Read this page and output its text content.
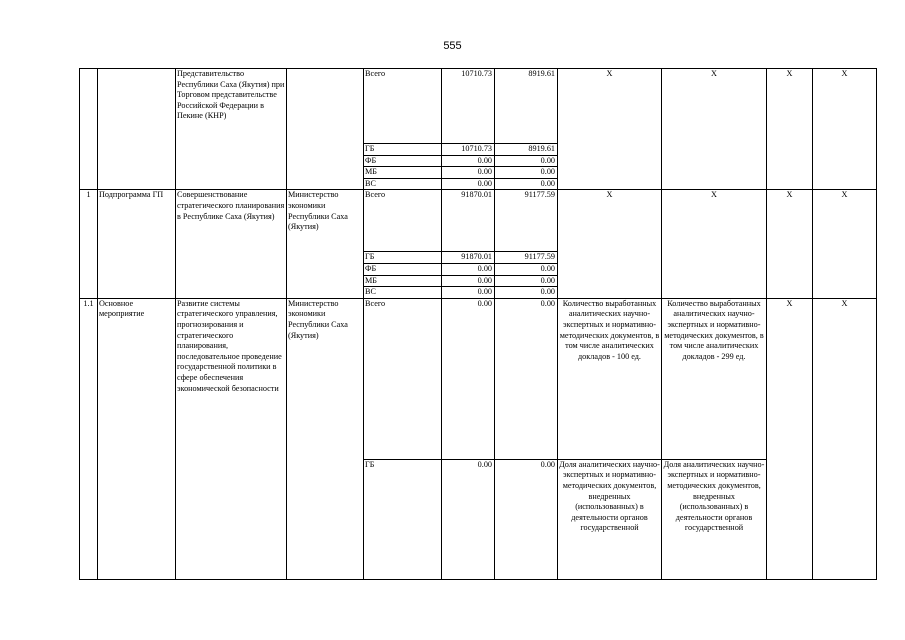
555
		Представительство Республики Саха (Якутия) при Торговом представительстве Российской Федерации в Пекине (КНР)		Всего	10710.73	8919.61	Х	Х	Х	Х
				ГБ	10710.73	8919.61				
				ФБ	0.00	0.00				
				МБ	0.00	0.00				
				ВС	0.00	0.00				
1	Подпрограмма ГП	Совершенствование стратегического планирования в Республике Саха (Якутия)	Министерство экономики Республики Саха (Якутия)	Всего	91870.01	91177.59	Х	Х	Х	Х
				ГБ	91870.01	91177.59				
				ФБ	0.00	0.00				
				МБ	0.00	0.00				
				ВС	0.00	0.00				
1.1	Основное мероприятие	Развитие системы стратегического управления, прогнозирования и стратегического планирования, последовательное проведение государственной политики в сфере обеспечения экономической безопасности	Министерство экономики Республики Саха (Якутия)	Всего	0.00	0.00	Количество выработанных аналитических научно-экспертных и нормативно-методических документов, в том числе аналитических докладов - 100 ед.	Количество выработанных аналитических научно-экспертных и нормативно-методических документов, в том числе аналитических докладов - 299 ед.	Х	Х
				ГБ	0.00	0.00	Доля аналитических научно-экспертных и нормативно-методических документов, внедренных (использованных) в деятельности органов государственной	Доля аналитических научно-экспертных и нормативно-методических документов, внедренных (использованных) в деятельности органов государственной		
